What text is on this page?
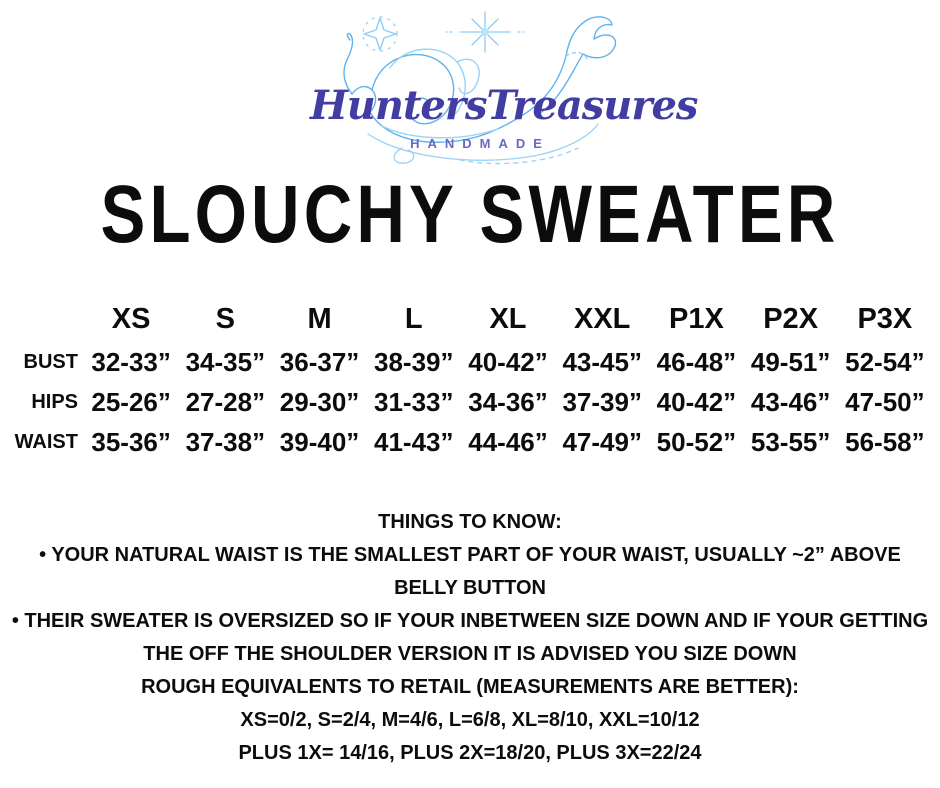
HuntersTreasures
HANDMADE
SLOUCHY SWEATER
	XS	S	M	L	XL	XXL	P1X	P2X	P3X
BUST	32-33”	34-35”	36-37”	38-39”	40-42”	43-45”	46-48”	49-51”	52-54”
HIPS	25-26”	27-28”	29-30”	31-33”	34-36”	37-39”	40-42”	43-46”	47-50”
WAIST	35-36”	37-38”	39-40”	41-43”	44-46”	47-49”	50-52”	53-55”	56-58”
THINGS TO KNOW:
• YOUR NATURAL WAIST IS THE SMALLEST PART OF YOUR WAIST, USUALLY ~2” ABOVE
BELLY BUTTON
• THEIR SWEATER IS OVERSIZED SO IF YOUR INBETWEEN SIZE DOWN AND IF YOUR GETTING
THE OFF THE SHOULDER VERSION IT IS ADVISED YOU SIZE DOWN
ROUGH EQUIVALENTS TO RETAIL (MEASUREMENTS ARE BETTER):
XS=0/2, S=2/4, M=4/6, L=6/8, XL=8/10, XXL=10/12
PLUS 1X= 14/16, PLUS 2X=18/20, PLUS 3X=22/24
